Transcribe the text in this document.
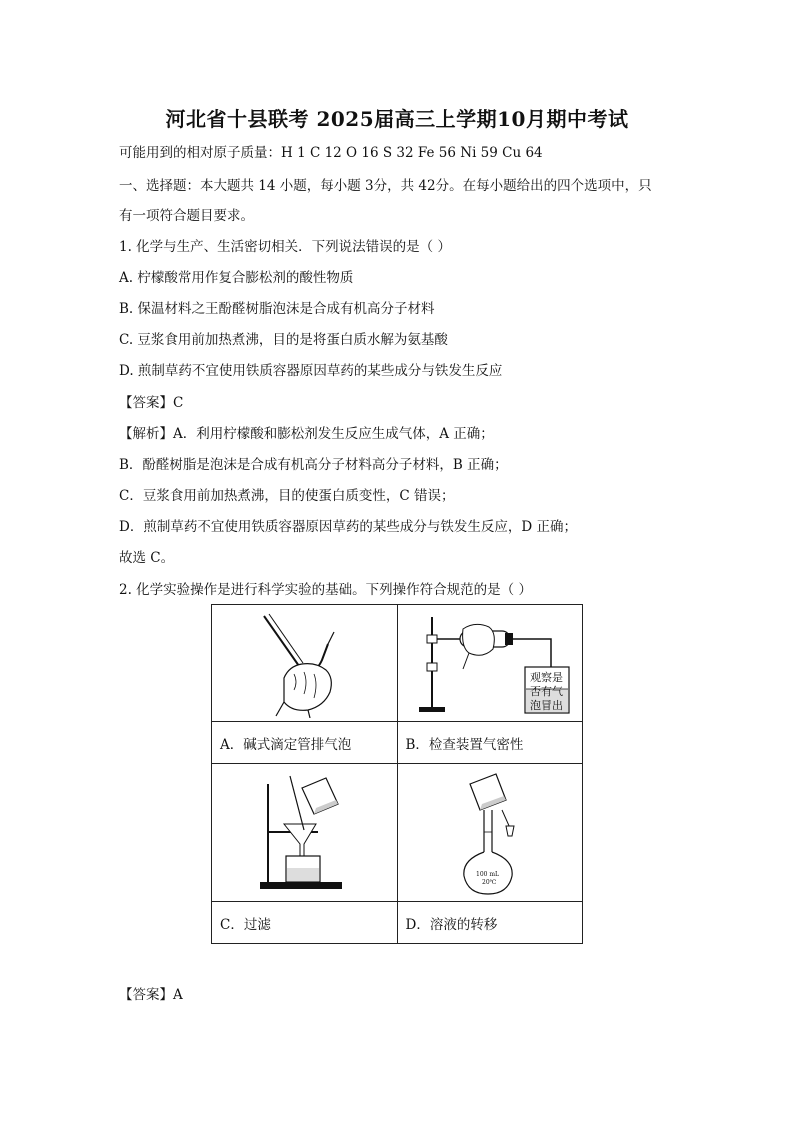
河北省十县联考 2025届高三上学期10月期中考试
可能用到的相对原子质量：H 1 C 12 O 16 S 32 Fe 56 Ni 59 Cu 64
一、选择题：本大题共 14 小题，每小题 3分，共 42分。在每小题给出的四个选项中，只
有一项符合题目要求。
1. 化学与生产、生活密切相关．下列说法错误的是（ ）
A. 柠檬酸常用作复合膨松剂的酸性物质
B. 保温材料之王酚醛树脂泡沫是合成有机高分子材料
C. 豆浆食用前加热煮沸，目的是将蛋白质水解为氨基酸
D. 煎制草药不宜使用铁质容器原因草药的某些成分与铁发生反应
【答案】C
【解析】A．利用柠檬酸和膨松剂发生反应生成气体，A 正确；
B．酚醛树脂是泡沫是合成有机高分子材料高分子材料，B 正确；
C．豆浆食用前加热煮沸，目的使蛋白质变性，C 错误；
D．煎制草药不宜使用铁质容器原因草药的某些成分与铁发生反应，D 正确；
故选 C。
2. 化学实验操作是进行科学实验的基础。下列操作符合规范的是（ ）

观察是
否有气
泡冒出

A．碱式滴定管排气泡	B．检查装置气密性

100 mL
20℃

C．过滤	D．溶液的转移
【答案】A
